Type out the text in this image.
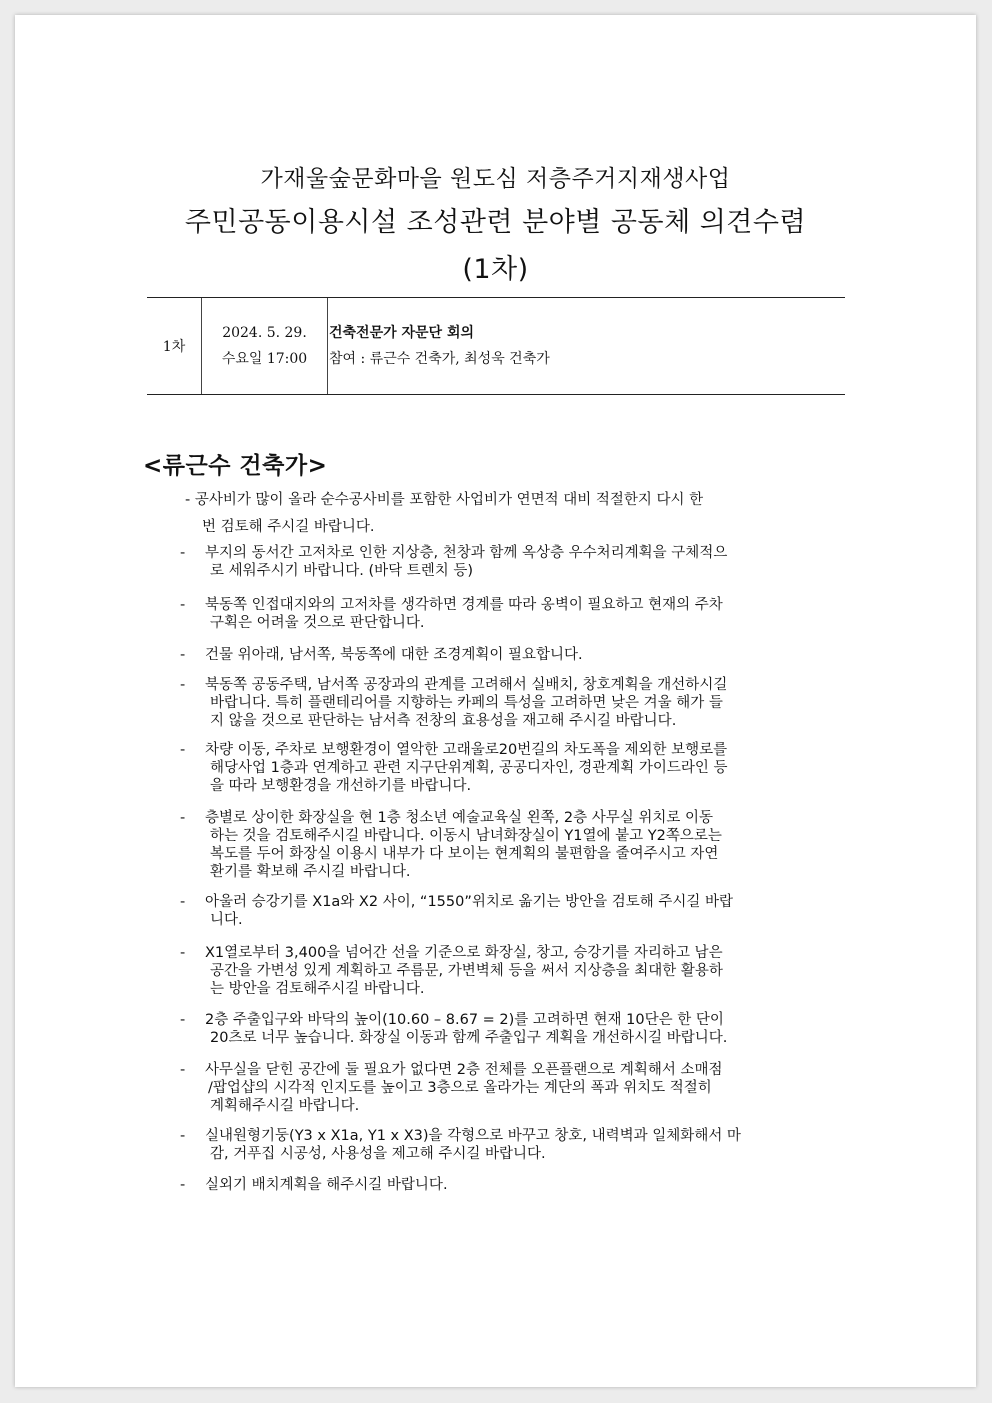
가재울숲문화마을 원도심 저층주거지재생사업
주민공동이용시설 조성관련 분야별 공동체 의견수렴
(1차)
1차
2024. 5. 29.
수요일 17:00
건축전문가 자문단 회의
참여 : 류근수 건축가, 최성욱 건축가
<류근수 건축가>
- 공사비가 많이 올라 순수공사비를 포함한 사업비가 연면적 대비 적절한지 다시 한
번 검토해 주시길 바랍니다.
- 부지의 동서간 고저차로 인한 지상층, 천창과 함께 옥상층 우수처리계획을 구체적으
로 세워주시기 바랍니다. (바닥 트렌치 등)
- 북동쪽 인접대지와의 고저차를 생각하면 경계를 따라 옹벽이 필요하고 현재의 주차
구획은 어려울 것으로 판단합니다.
- 건물 위아래, 남서쪽, 북동쪽에 대한 조경계획이 필요합니다.
- 북동쪽 공동주택, 남서쪽 공장과의 관계를 고려해서 실배치, 창호계획을 개선하시길
바랍니다. 특히 플랜테리어를 지향하는 카페의 특성을 고려하면 낮은 겨울 해가 들
지 않을 것으로 판단하는 남서측 전창의 효용성을 재고해 주시길 바랍니다.
- 차량 이동, 주차로 보행환경이 열악한 고래울로20번길의 차도폭을 제외한 보행로를
해당사업 1층과 연계하고 관련 지구단위계획, 공공디자인, 경관계획 가이드라인 등
을 따라 보행환경을 개선하기를 바랍니다.
- 층별로 상이한 화장실을 현 1층 청소년 예술교육실 왼쪽, 2층 사무실 위치로 이동
하는 것을 검토해주시길 바랍니다. 이동시 남녀화장실이 Y1열에 붙고 Y2쪽으로는
복도를 두어 화장실 이용시 내부가 다 보이는 현계획의 불편함을 줄여주시고 자연
환기를 확보해 주시길 바랍니다.
- 아울러 승강기를 X1a와 X2 사이, “1550”위치로 옮기는 방안을 검토해 주시길 바랍
니다.
- X1열로부터 3,400을 넘어간 선을 기준으로 화장실, 창고, 승강기를 자리하고 남은
공간을 가변성 있게 계획하고 주름문, 가변벽체 등을 써서 지상층을 최대한 활용하
는 방안을 검토해주시길 바랍니다.
- 2층 주출입구와 바닥의 높이(10.60 – 8.67 = 2)를 고려하면 현재 10단은 한 단이
20츠로 너무 높습니다. 화장실 이동과 함께 주출입구 계획을 개선하시길 바랍니다.
- 사무실을 닫힌 공간에 둘 필요가 없다면 2층 전체를 오픈플랜으로 계획해서 소매점
/팝업샵의 시각적 인지도를 높이고 3층으로 올라가는 계단의 폭과 위치도 적절히
계획해주시길 바랍니다.
- 실내원형기둥(Y3 x X1a, Y1 x X3)을 각형으로 바꾸고 창호, 내력벽과 일체화해서 마
감, 거푸집 시공성, 사용성을 제고해 주시길 바랍니다.
- 실외기 배치계획을 해주시길 바랍니다.
